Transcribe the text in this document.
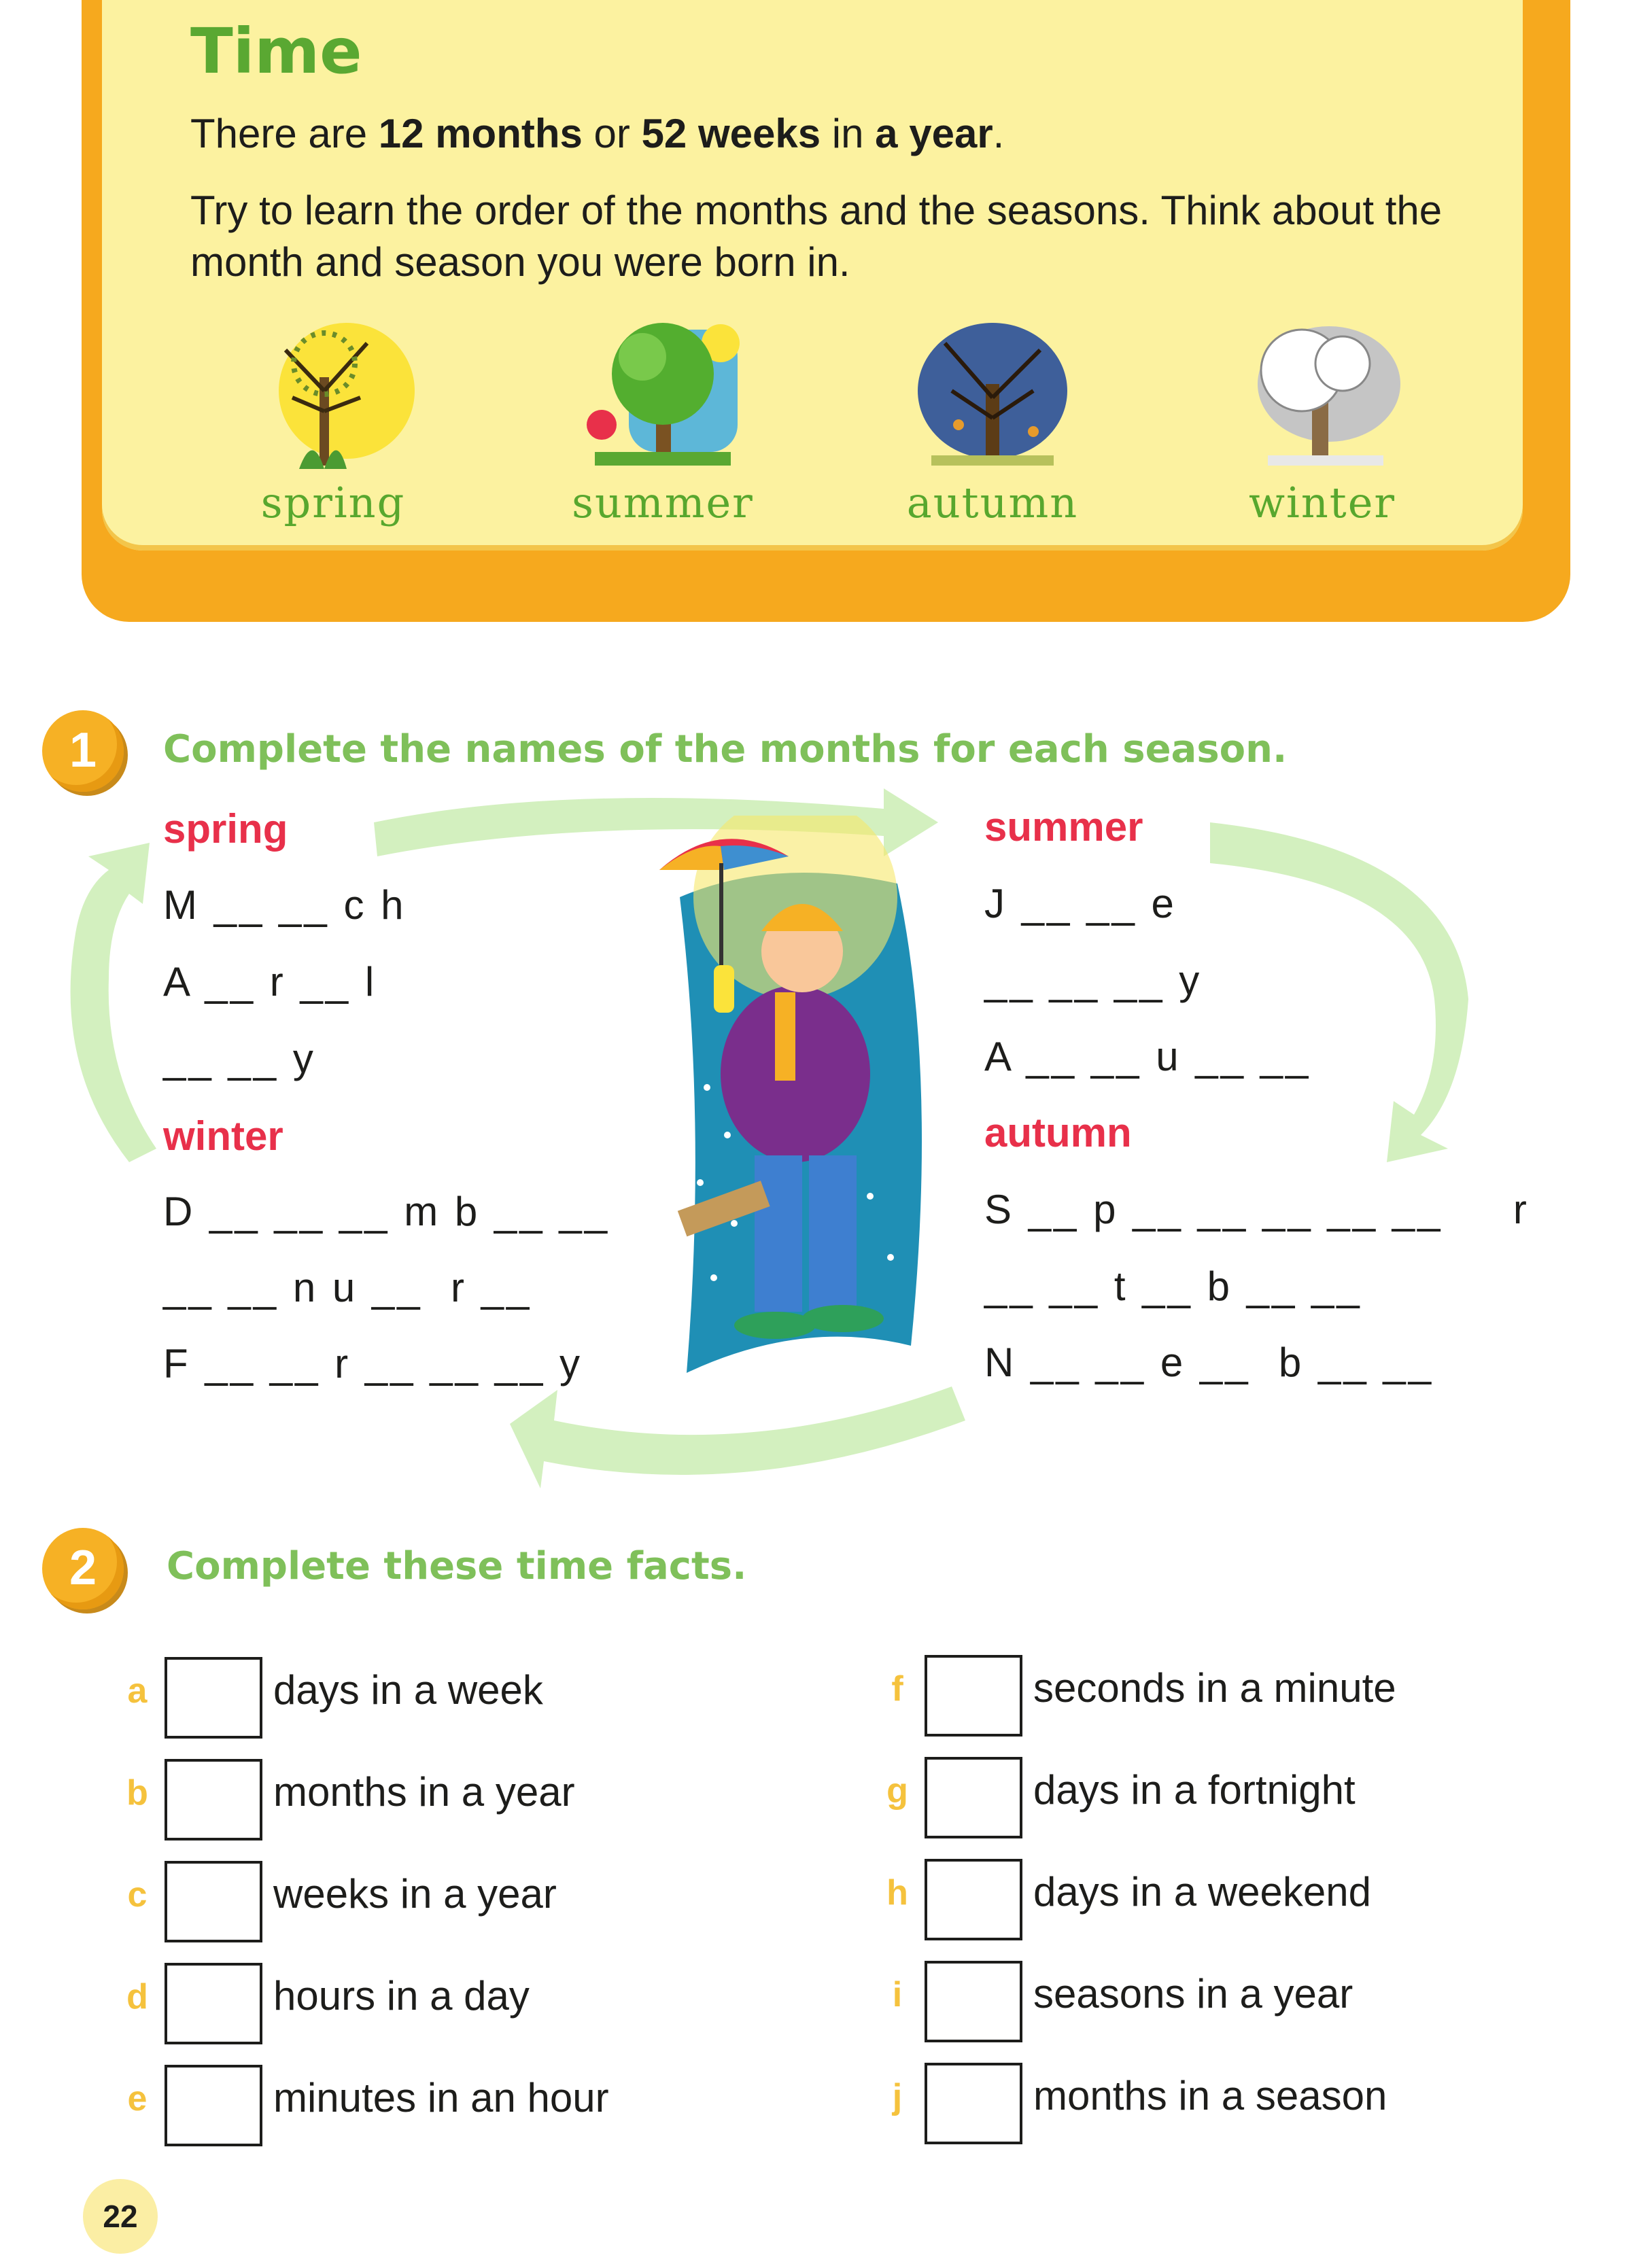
Time
There are 12 months or 52 weeks in a year.
Try to learn the order of the months and the seasons. Think about the month and season you were born in.
spring	summer	autumn	winter
1	Complete the names of the months for each season.
spring
M __ __ c h
A __ r __ l
__ __ y
winter
D __ __ __ m b __ __
__ __ n u __  r __
F __ __ r __ __ __ y
summer
J __ __ e
__ __ __ y
A __ __ u __ __
autumn
S __ p __ __ __ __ __     r
__ __ t __ b __ __
N __ __ e __  b __ __
2	Complete these time facts.
a	days in a week
b	months in a year
c	weeks in a year
d	hours in a day
e	minutes in an hour
f	seconds in a minute
g	days in a fortnight
h	days in a weekend
i	seasons in a year
j	months in a season
22
